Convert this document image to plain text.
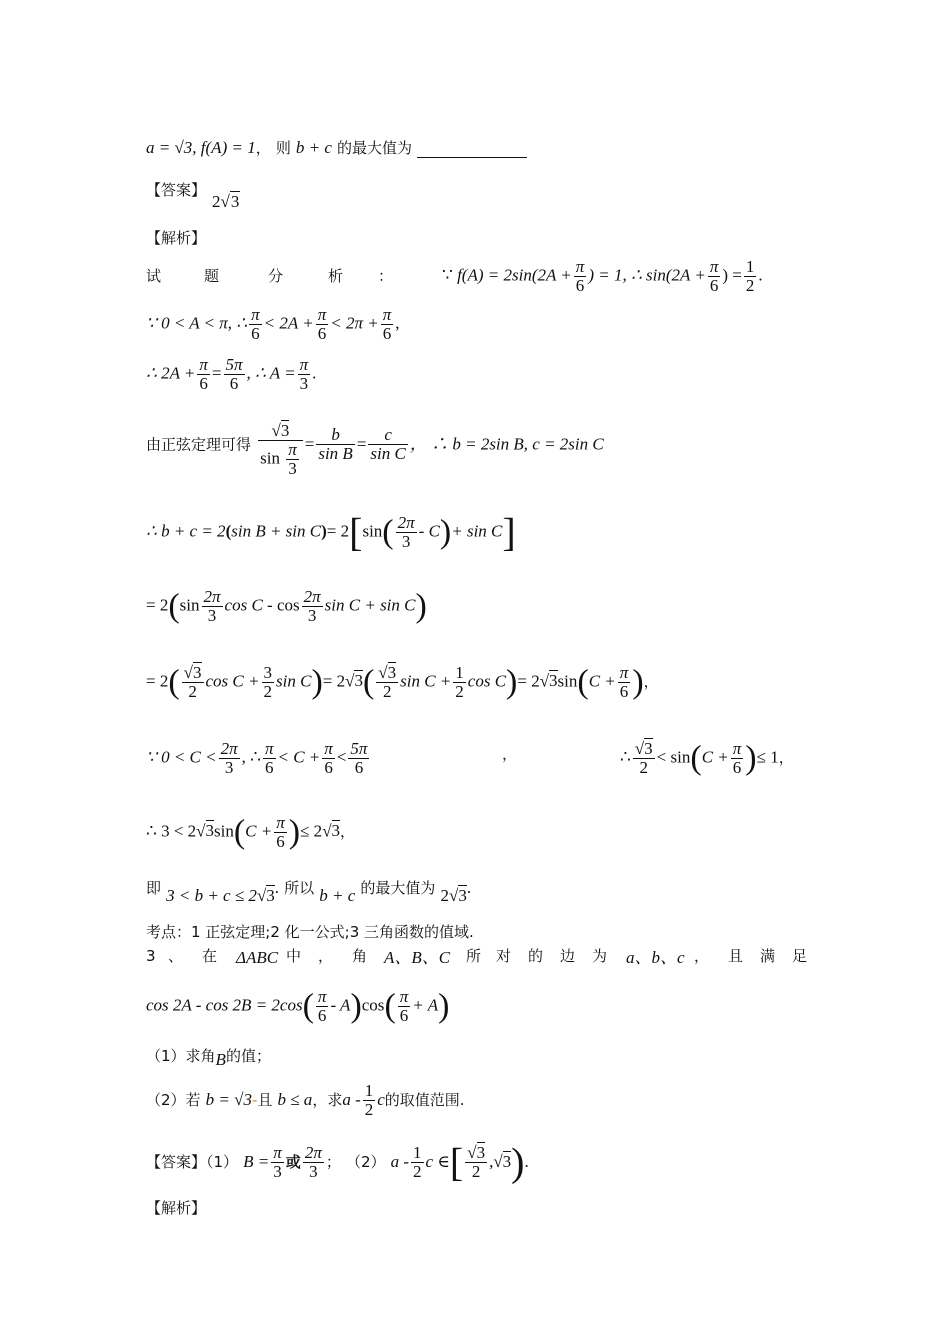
a = √3, f(A) = 1， 则 b + c 的最大值为
【答案】
2√3
【解析】
试	题	分	析 ：	∵ $f(A) = 2\sin(2A + \frac{\pi}{6}$ ) = 1, ∴ $\sin(2A + \frac{\pi}{6}$ ) = $\frac{1}{2}$ .
∵ 0 < A < π, ∴ $\frac{\pi}{6} < 2A + \frac{\pi}{6} < 2\pi + \frac{\pi}{6}$ ,
∴ $2A + \frac{\pi}{6} = \frac{5\pi}{6}$ , ∴ $A = \frac{\pi}{3}$ .
由正弦定理可得 $\frac{√3}{\sin \frac{\pi}{3}} = \frac{b}{\text{sin B}} = \frac{c}{\text{sin C}}$ ， ∴ b = 2sin B, c = 2sin C
∴ b + c = 2(sin $B + \sin C)= 2[\sin( \frac{2\pi}{3} - C)+ \sin C]$
= $2(\sin \frac{2\pi}{3}$ cos C - $\cos \frac{2\pi}{3}$ sin C + sin C)
= $2( \frac{√3}{2}$ $\cos C + \frac{3}{2}$ $\sin C)= 2√3( \frac{√3}{2}$ $\sin C + \frac{1}{2}$ $\cos C)= 2√3\sin(C + \frac{\pi}{6}$ )，
∵ $0 < C < \frac{2\pi}{3}$ , ∴ $\frac{\pi}{6} < C + \frac{\pi}{6} < \frac{5\pi}{6}$	，	∴ $\frac{√3}{2} < \sin(C + \frac{\pi}{6}$ )≤ 1，
∴ $3 < 2√3\sin(C + \frac{\pi}{6}$ )≤ 2√3，
即 3 < b + c ≤ 2√3. 所以 b + c 的最大值为 2√3.
考点：1 正弦定理;2 化一公式;3 三角函数的值域.
3 、 在 ΔABC 中 ， 角 A、B、C 所 对 的 边 为 a、b、c ， 且 满 足
$\cos 2A - \cos 2B = 2\cos( \frac{\pi}{6} - A)\cos( \frac{\pi}{6} + A)$
（1）求角B的值；
（2）若 b = √3-且 b ≤ a，求a - $\frac{1}{2}$ c的取值范围.
【答案】（1） $B = \frac{\pi}{3}$ 或 $\frac{2\pi}{3}$ ； （2） a - $\frac{1}{2}$ c ∈[ $\frac{√3}{2} ,√3$).
【解析】
